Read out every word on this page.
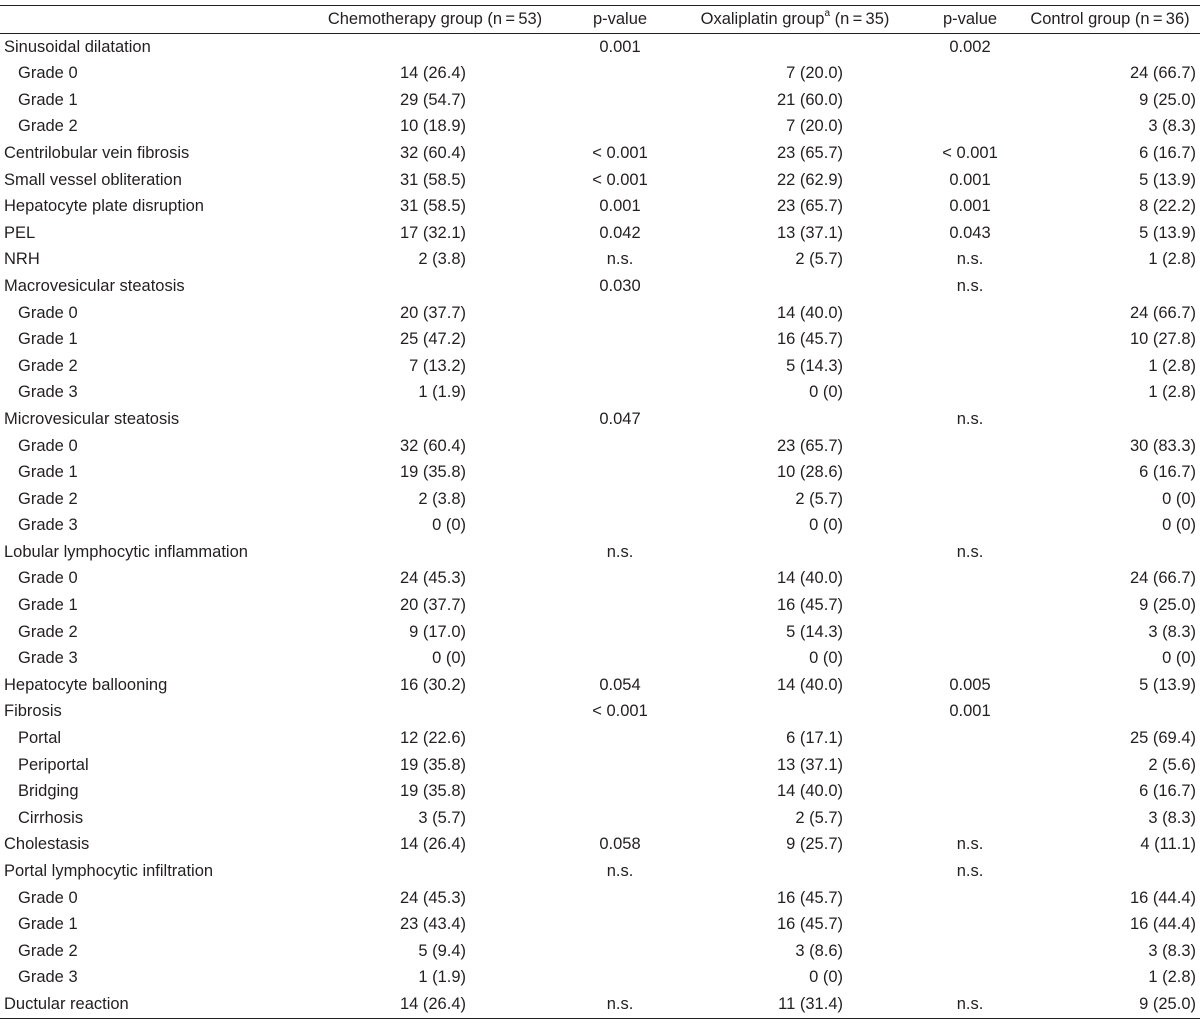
	Chemotherapy group (n = 53)	p-value	Oxaliplatin group$^a$ (n = 35)	p-value	Control group (n = 36)
Sinusoidal dilatation		0.001		0.002	
Grade 0	14 (26.4)		7 (20.0)		24 (66.7)
Grade 1	29 (54.7)		21 (60.0)		9 (25.0)
Grade 2	10 (18.9)		7 (20.0)		3 (8.3)
Centrilobular vein fibrosis	32 (60.4)	< 0.001	23 (65.7)	< 0.001	6 (16.7)
Small vessel obliteration	31 (58.5)	< 0.001	22 (62.9)	0.001	5 (13.9)
Hepatocyte plate disruption	31 (58.5)	0.001	23 (65.7)	0.001	8 (22.2)
PEL	17 (32.1)	0.042	13 (37.1)	0.043	5 (13.9)
NRH	2 (3.8)	n.s.	2 (5.7)	n.s.	1 (2.8)
Macrovesicular steatosis		0.030		n.s.	
Grade 0	20 (37.7)		14 (40.0)		24 (66.7)
Grade 1	25 (47.2)		16 (45.7)		10 (27.8)
Grade 2	7 (13.2)		5 (14.3)		1 (2.8)
Grade 3	1 (1.9)		0 (0)		1 (2.8)
Microvesicular steatosis		0.047		n.s.	
Grade 0	32 (60.4)		23 (65.7)		30 (83.3)
Grade 1	19 (35.8)		10 (28.6)		6 (16.7)
Grade 2	2 (3.8)		2 (5.7)		0 (0)
Grade 3	0 (0)		0 (0)		0 (0)
Lobular lymphocytic inflammation		n.s.		n.s.	
Grade 0	24 (45.3)		14 (40.0)		24 (66.7)
Grade 1	20 (37.7)		16 (45.7)		9 (25.0)
Grade 2	9 (17.0)		5 (14.3)		3 (8.3)
Grade 3	0 (0)		0 (0)		0 (0)
Hepatocyte ballooning	16 (30.2)	0.054	14 (40.0)	0.005	5 (13.9)
Fibrosis		< 0.001		0.001	
Portal	12 (22.6)		6 (17.1)		25 (69.4)
Periportal	19 (35.8)		13 (37.1)		2 (5.6)
Bridging	19 (35.8)		14 (40.0)		6 (16.7)
Cirrhosis	3 (5.7)		2 (5.7)		3 (8.3)
Cholestasis	14 (26.4)	0.058	9 (25.7)	n.s.	4 (11.1)
Portal lymphocytic infiltration		n.s.		n.s.	
Grade 0	24 (45.3)		16 (45.7)		16 (44.4)
Grade 1	23 (43.4)		16 (45.7)		16 (44.4)
Grade 2	5 (9.4)		3 (8.6)		3 (8.3)
Grade 3	1 (1.9)		0 (0)		1 (2.8)
Ductular reaction	14 (26.4)	n.s.	11 (31.4)	n.s.	9 (25.0)
